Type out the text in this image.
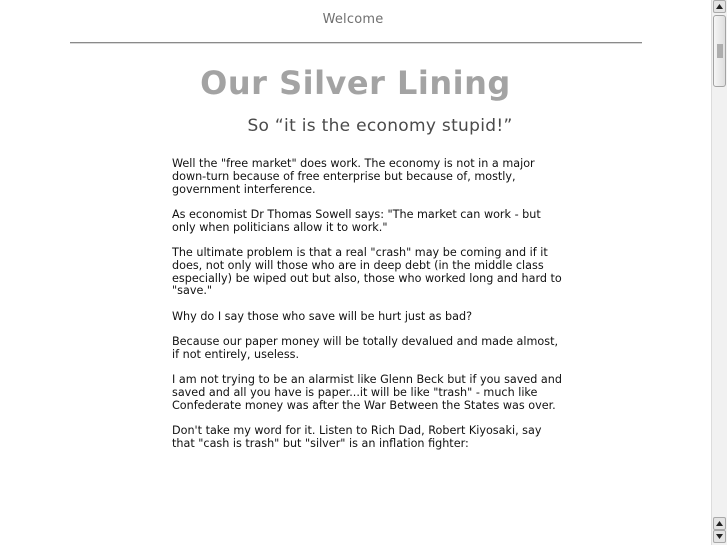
Welcome
Our Silver Lining
So “it is the economy stupid!”

Well the "free market" does work. The economy is not in a major down-turn because of free enterprise but because of, mostly, government interference.

As economist Dr Thomas Sowell says: "The market can work - but only when politicians allow it to work."

The ultimate problem is that a real "crash" may be coming and if it does, not only will those who are in deep debt (in the middle class especially) be wiped out but also, those who worked long and hard to "save."

Why do I say those who save will be hurt just as bad?

Because our paper money will be totally devalued and made almost, if not entirely, useless.

I am not trying to be an alarmist like Glenn Beck but if you saved and saved and all you have is paper...it will be like "trash" - much like Confederate money was after the War Between the States was over.

Don't take my word for it. Listen to Rich Dad, Robert Kiyosaki, say that "cash is trash" but "silver" is an inflation fighter:
